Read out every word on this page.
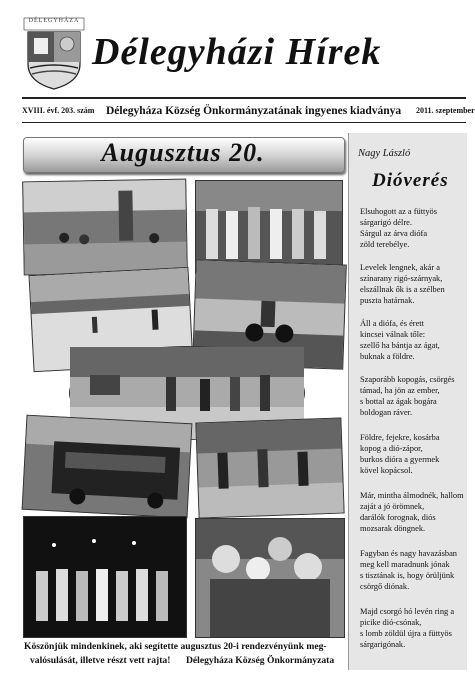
DÉLEGYHÁZA
Délegyházi Hírek
XVIII. évf. 203. szám Délegyháza Község Önkormányzatának ingyenes kiadványa 2011. szeptember
Augusztus 20.
Köszönjük mindenkinek, aki segítette augusztus 20-i rendezvényünk meg-
valósulását, illetve részt vett rajta! Délegyháza Község Önkormányzata
Nagy László
Dióverés
Elsuhogott az a füttyös
sárgarigó délre.
Sárgul az árva diófa
zöld terebélye.
Levelek lengnek, akár a
színarany rigó-szárnyak,
elszállnak ők is a szélben
puszta határnak.
Áll a diófa, és érett
kincsei válnak tőle:
szellő ha bántja az ágat,
buknak a földre.
Szaporább kopogás, csörgés
támad, ha jön az ember,
s bottal az ágak bogára
boldogan ráver.
Földre, fejekre, kosárba
kopog a dió-zápor,
burkos dióra a gyermek
kövel kopácsol.
Már, mintha álmodnék, hallom
zaját a jó örömnek,
darálók forognak, diós
mozsarak döngnek.
Fagyban és nagy havazásban
meg kell maradnunk jónak
s tisztának is, hogy örüljünk
csörgő diónak.
Majd csorgó hó levén ring a
picike dió-csónak,
s lomb zöldül újra a füttyös
sárgarigónak.
